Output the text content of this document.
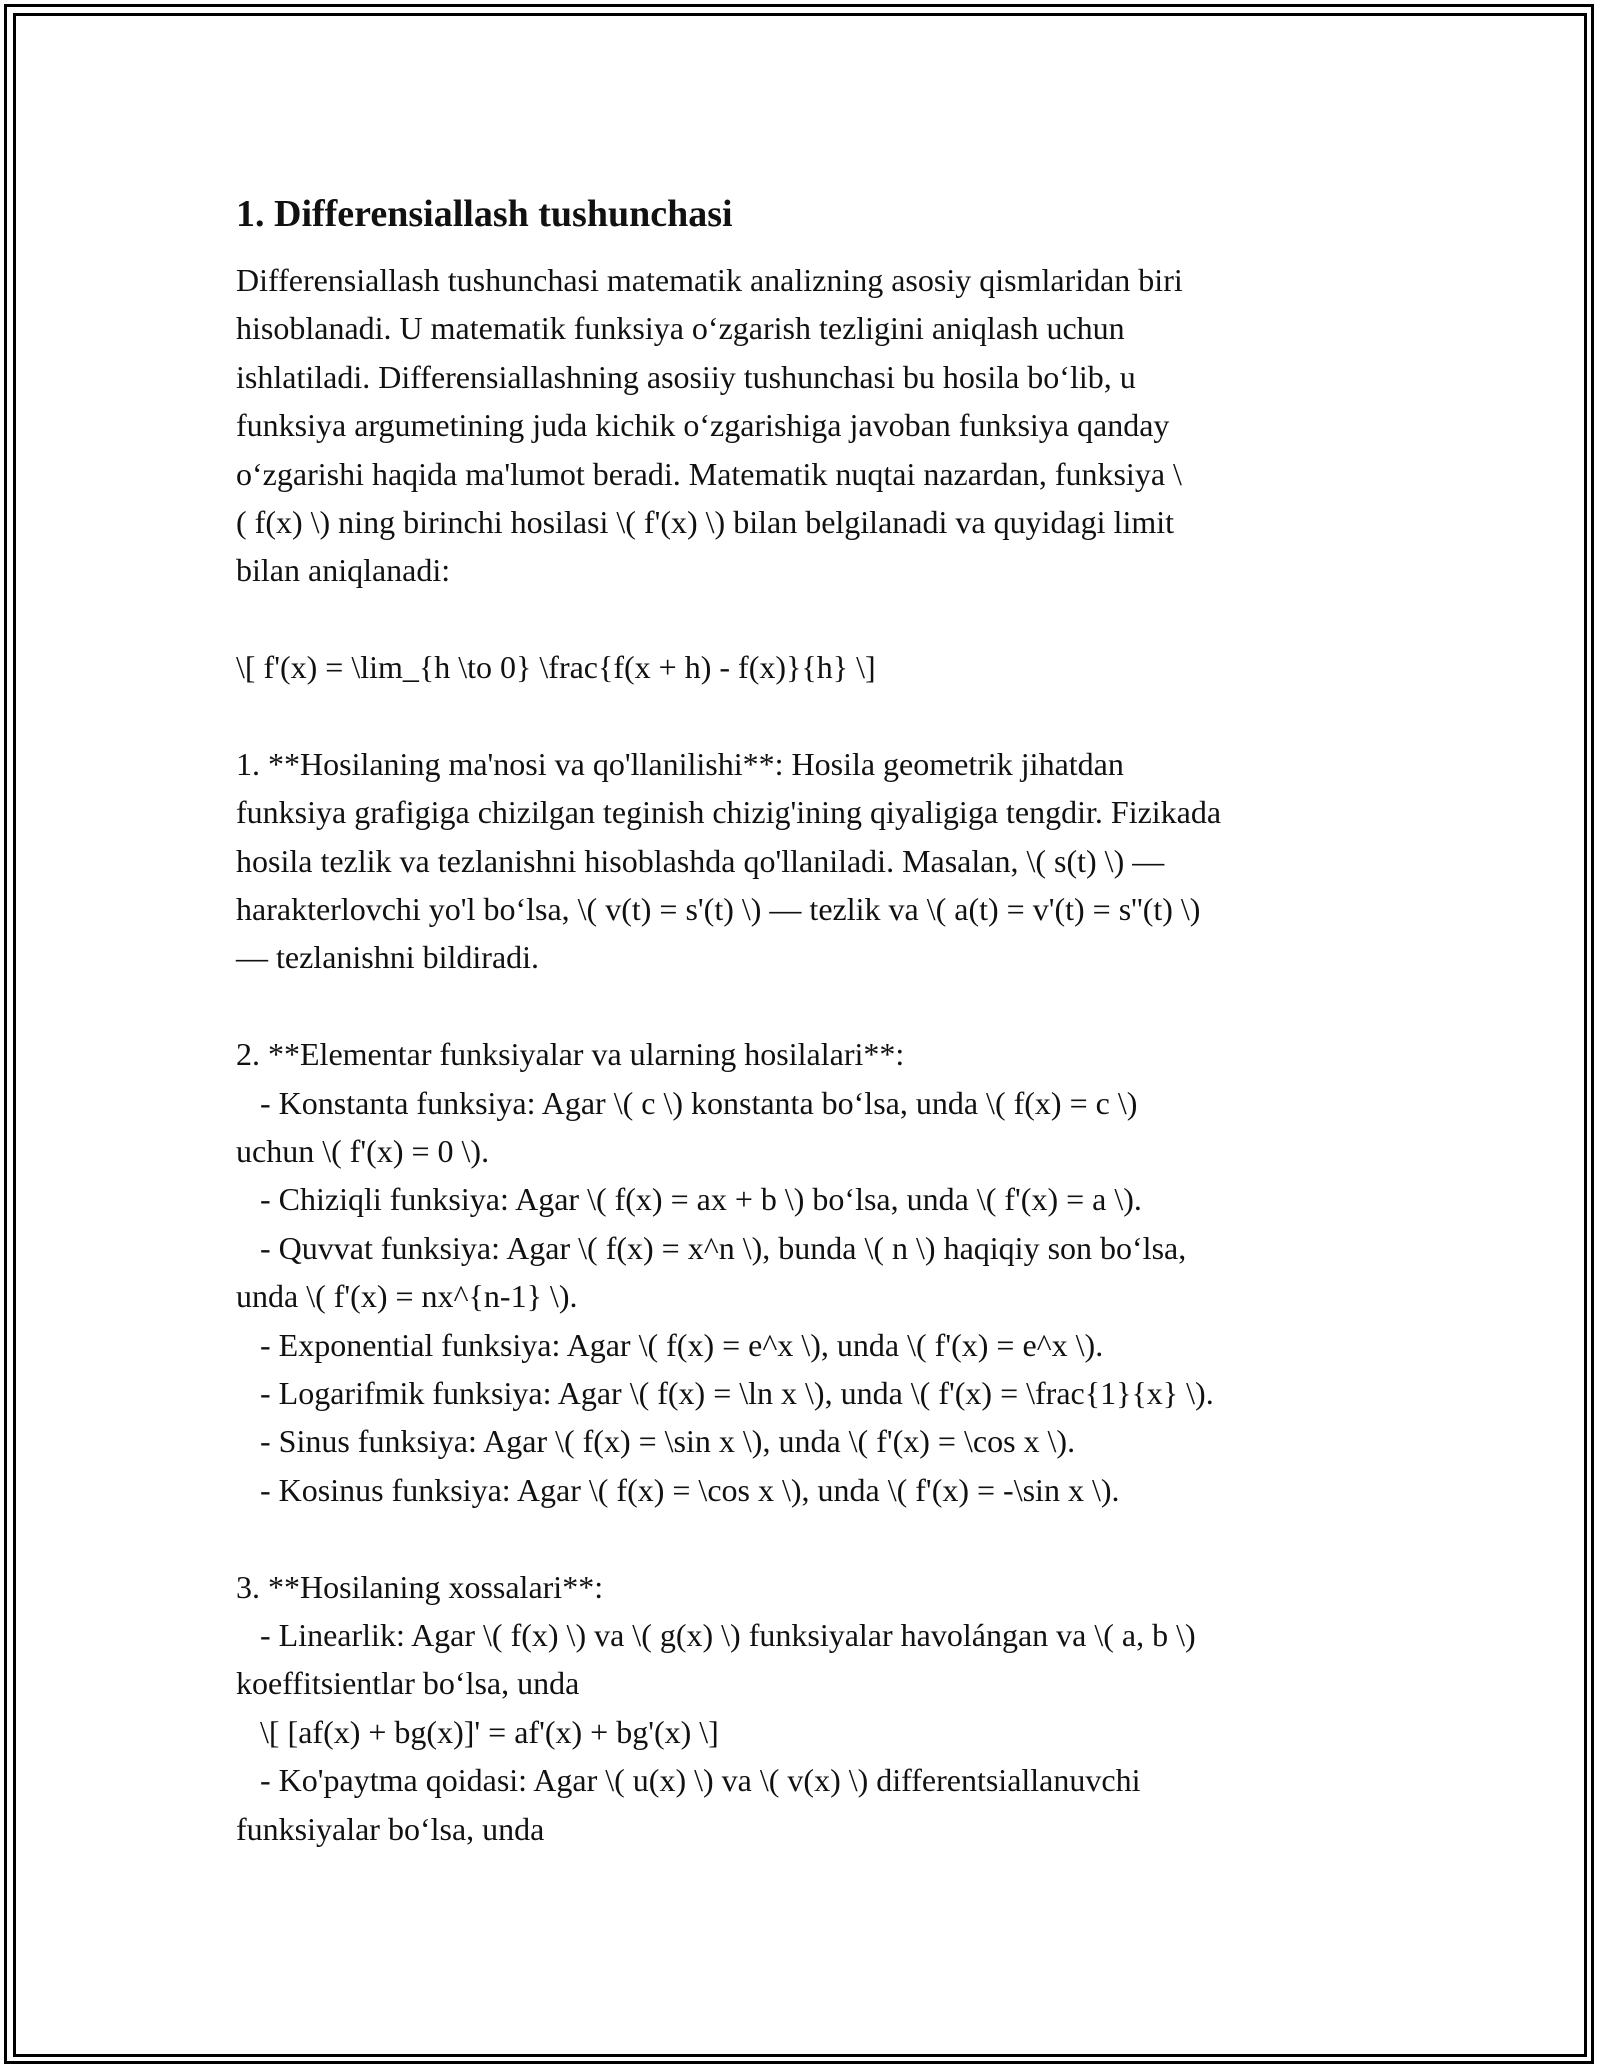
1. Differensiallash tushunchasi
Differensiallash tushunchasi matematik analizning asosiy qismlaridan biri
hisoblanadi. U matematik funksiya o‘zgarish tezligini aniqlash uchun
ishlatiladi. Differensiallashning asosiiy tushunchasi bu hosila bo‘lib, u
funksiya argumetining juda kichik o‘zgarishiga javoban funksiya qanday
o‘zgarishi haqida ma'lumot beradi. Matematik nuqtai nazardan, funksiya \
( f(x) \) ning birinchi hosilasi \( f'(x) \) bilan belgilanadi va quyidagi limit
bilan aniqlanadi:
\[ f'(x) = \lim_{h \to 0} \frac{f(x + h) - f(x)}{h} \]
1. **Hosilaning ma'nosi va qo'llanilishi**: Hosila geometrik jihatdan
funksiya grafigiga chizilgan teginish chizig'ining qiyaligiga tengdir. Fizikada
hosila tezlik va tezlanishni hisoblashda qo'llaniladi. Masalan, \( s(t) \) —
harakterlovchi yo'l bo‘lsa, \( v(t) = s'(t) \) — tezlik va \( a(t) = v'(t) = s''(t) \)
— tezlanishni bildiradi.
2. **Elementar funksiyalar va ularning hosilalari**:
- Konstanta funksiya: Agar \( c \) konstanta bo‘lsa, unda \( f(x) = c \)
uchun \( f'(x) = 0 \).
- Chiziqli funksiya: Agar \( f(x) = ax + b \) bo‘lsa, unda \( f'(x) = a \).
- Quvvat funksiya: Agar \( f(x) = x^n \), bunda \( n \) haqiqiy son bo‘lsa,
unda \( f'(x) = nx^{n-1} \).
- Exponential funksiya: Agar \( f(x) = e^x \), unda \( f'(x) = e^x \).
- Logarifmik funksiya: Agar \( f(x) = \ln x \), unda \( f'(x) = \frac{1}{x} \).
- Sinus funksiya: Agar \( f(x) = \sin x \), unda \( f'(x) = \cos x \).
- Kosinus funksiya: Agar \( f(x) = \cos x \), unda \( f'(x) = -\sin x \).
3. **Hosilaning xossalari**:
- Linearlik: Agar \( f(x) \) va \( g(x) \) funksiyalar havolángan va \( a, b \)
koeffitsientlar bo‘lsa, unda
\[ [af(x) + bg(x)]' = af'(x) + bg'(x) \]
- Ko'paytma qoidasi: Agar \( u(x) \) va \( v(x) \) differentsiallanuvchi
funksiyalar bo‘lsa, unda
